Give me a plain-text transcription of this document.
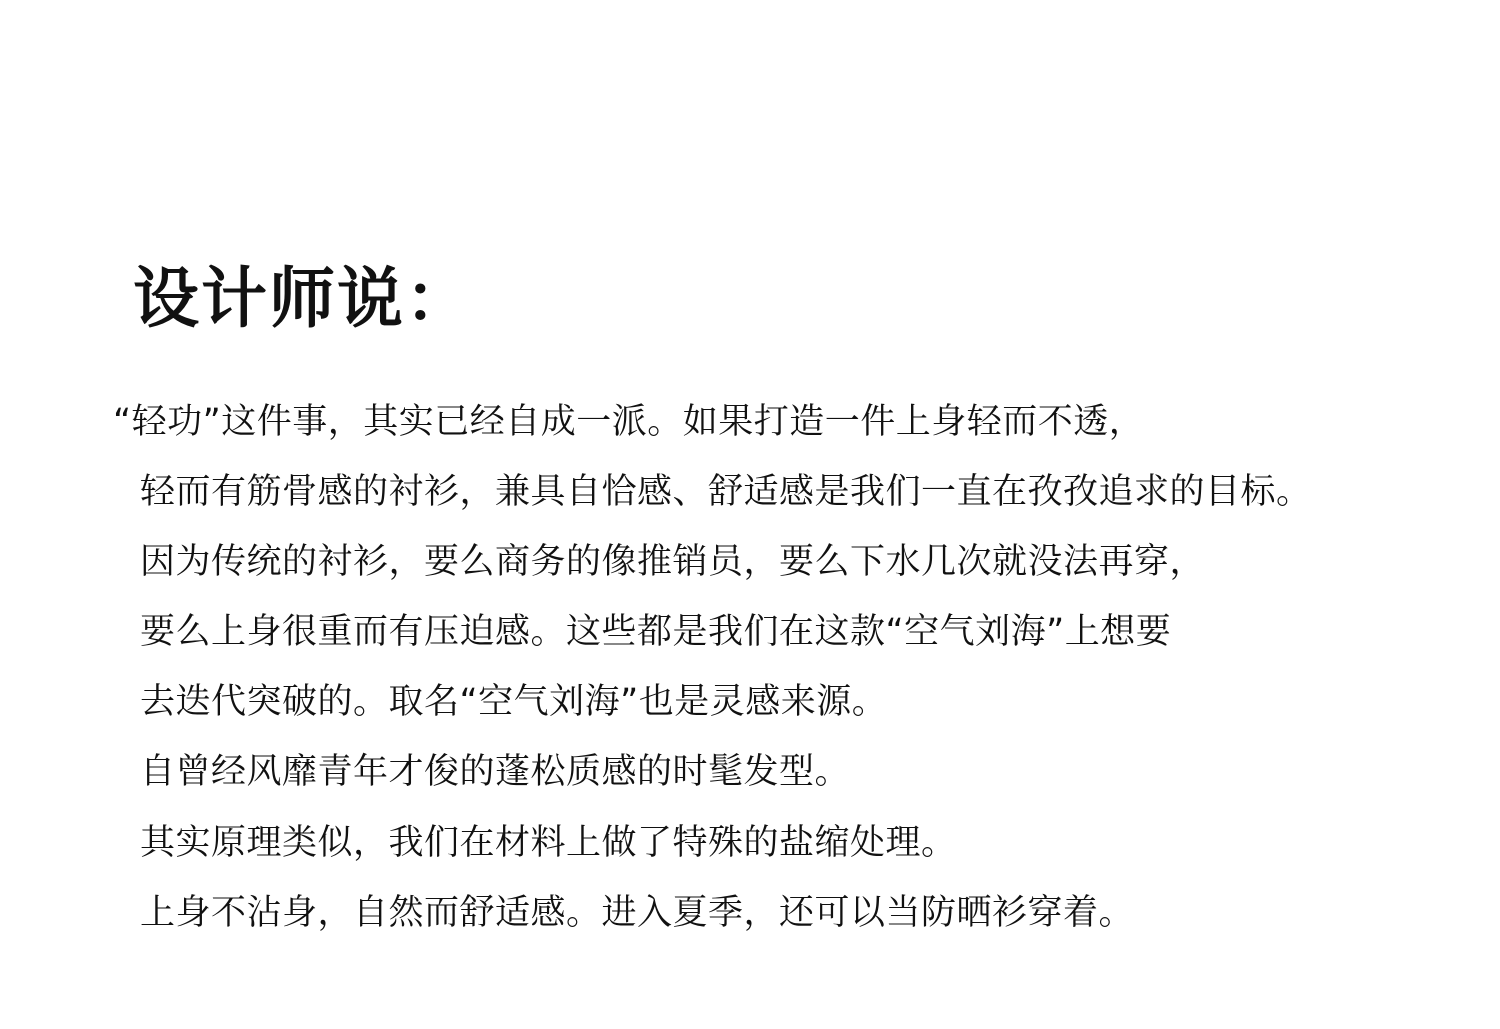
设计师说：
“轻功”这件事，其实已经自成一派。如果打造一件上身轻而不透，
轻而有筋骨感的衬衫，兼具自恰感、舒适感是我们一直在孜孜追求的目标。
因为传统的衬衫，要么商务的像推销员，要么下水几次就没法再穿，
要么上身很重而有压迫感。这些都是我们在这款“空气刘海”上想要
去迭代突破的。取名“空气刘海”也是灵感来源。
自曾经风靡青年才俊的蓬松质感的时髦发型。
其实原理类似，我们在材料上做了特殊的盐缩处理。
上身不沾身，自然而舒适感。进入夏季，还可以当防晒衫穿着。
